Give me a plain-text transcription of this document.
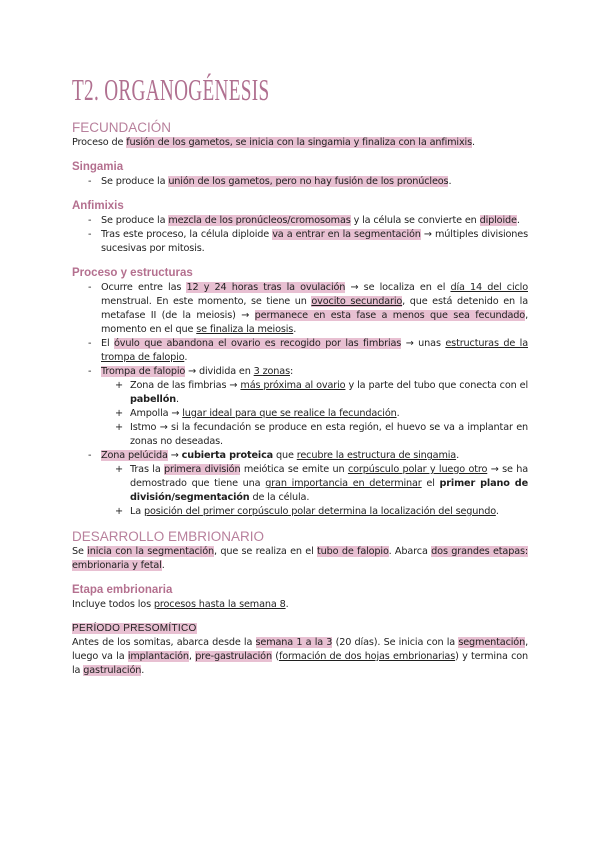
T2. ORGANOGÉNESIS
FECUNDACIÓN

Proceso de fusión de los gametos, se inicia con la singamia y finaliza con la anfimixis.

Singamia
- Se produce la unión de los gametos, pero no hay fusión de los pronúcleos.
Anfimixis
- Se produce la mezcla de los pronúcleos/cromosomas y la célula se convierte en diploide.
- Tras este proceso, la célula diploide va a entrar en la segmentación → múltiples divisiones sucesivas por mitosis.
Proceso y estructuras
- Ocurre entre las 12 y 24 horas tras la ovulación → se localiza en el día 14 del ciclo menstrual. En este momento, se tiene un ovocito secundario, que está detenido en la metafase II (de la meiosis) → permanece en esta fase a menos que sea fecundado, momento en el que se finaliza la meiosis.
- El óvulo que abandona el ovario es recogido por las fimbrias → unas estructuras de la trompa de falopio.
- Trompa de falopio → dividida en 3 zonas:
+ Zona de las fimbrias → más próxima al ovario y la parte del tubo que conecta con el pabellón.
+ Ampolla → lugar ideal para que se realice la fecundación.
+ Istmo → si la fecundación se produce en esta región, el huevo se va a implantar en zonas no deseadas.
- Zona pelúcida → cubierta proteica que recubre la estructura de singamia.
+ Tras la primera división meiótica se emite un corpúsculo polar y luego otro → se ha demostrado que tiene una gran importancia en determinar el primer plano de división/segmentación de la célula.
+ La posición del primer corpúsculo polar determina la localización del segundo.
DESARROLLO EMBRIONARIO

Se inicia con la segmentación, que se realiza en el tubo de falopio. Abarca dos grandes etapas: embrionaria y fetal.

Etapa embrionaria

Incluye todos los procesos hasta la semana 8.

PERÍODO PRESOMÍTICO

Antes de los somitas, abarca desde la semana 1 a la 3 (20 días). Se inicia con la segmentación, luego va la implantación, pre-gastrulación (formación de dos hojas embrionarias) y termina con la gastrulación.
